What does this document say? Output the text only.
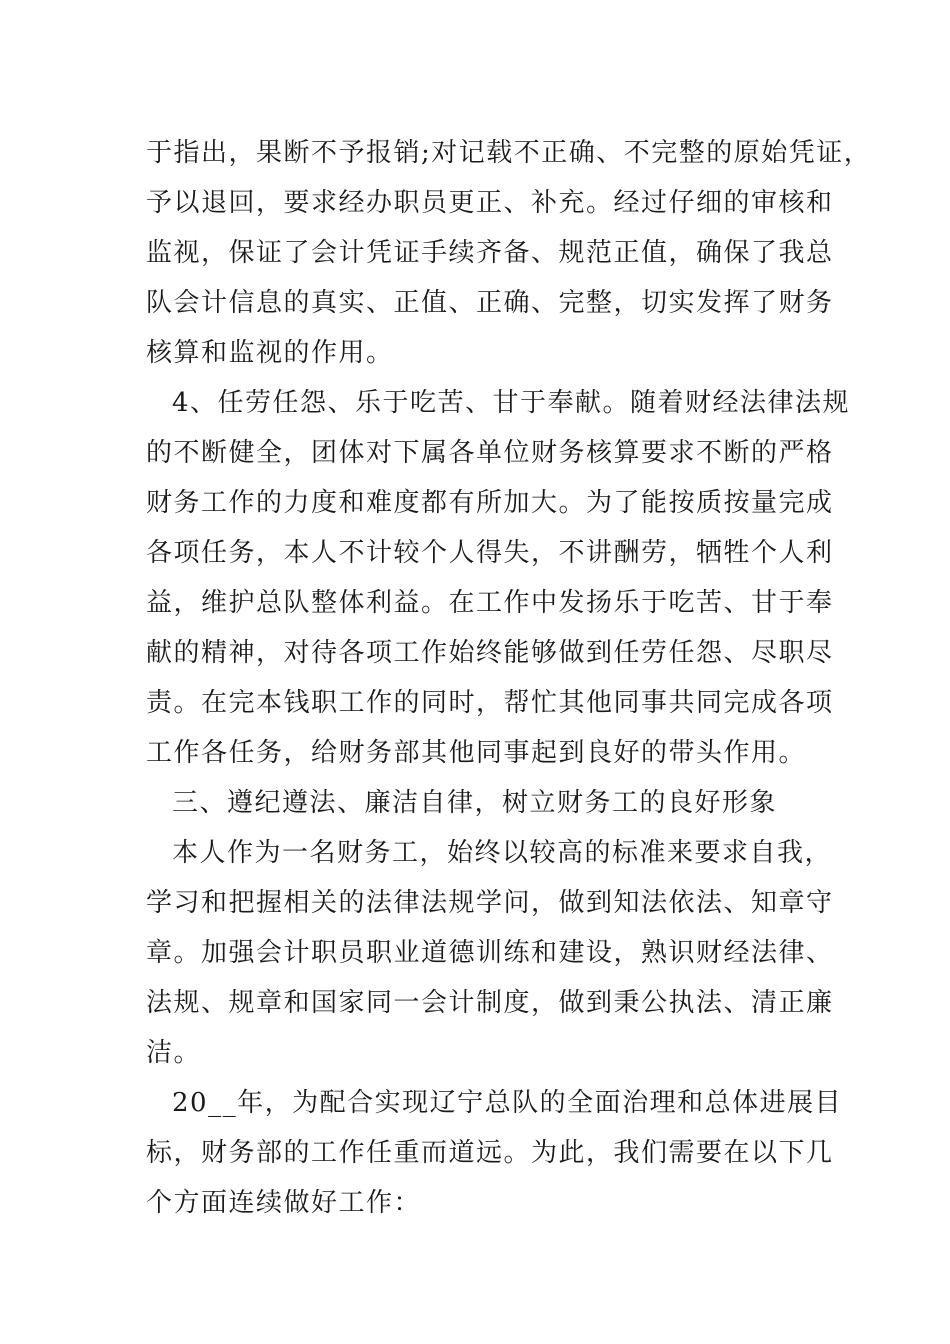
于指出，果断不予报销;对记载不正确、不完整的原始凭证，
予以退回，要求经办职员更正、补充。经过仔细的审核和
监视，保证了会计凭证手续齐备、规范正值，确保了我总
队会计信息的真实、正值、正确、完整，切实发挥了财务
核算和监视的作用。
4、任劳任怨、乐于吃苦、甘于奉献。随着财经法律法规
的不断健全，团体对下属各单位财务核算要求不断的严格
财务工作的力度和难度都有所加大。为了能按质按量完成
各项任务，本人不计较个人得失，不讲酬劳，牺牲个人利
益，维护总队整体利益。在工作中发扬乐于吃苦、甘于奉
献的精神，对待各项工作始终能够做到任劳任怨、尽职尽
责。在完本钱职工作的同时，帮忙其他同事共同完成各项
工作各任务，给财务部其他同事起到良好的带头作用。
三、遵纪遵法、廉洁自律，树立财务工的良好形象
本人作为一名财务工，始终以较高的标准来要求自我，
学习和把握相关的法律法规学问，做到知法依法、知章守
章。加强会计职员职业道德训练和建设，熟识财经法律、
法规、规章和国家同一会计制度，做到秉公执法、清正廉
洁。
20__年，为配合实现辽宁总队的全面治理和总体进展目
标，财务部的工作任重而道远。为此，我们需要在以下几
个方面连续做好工作：
